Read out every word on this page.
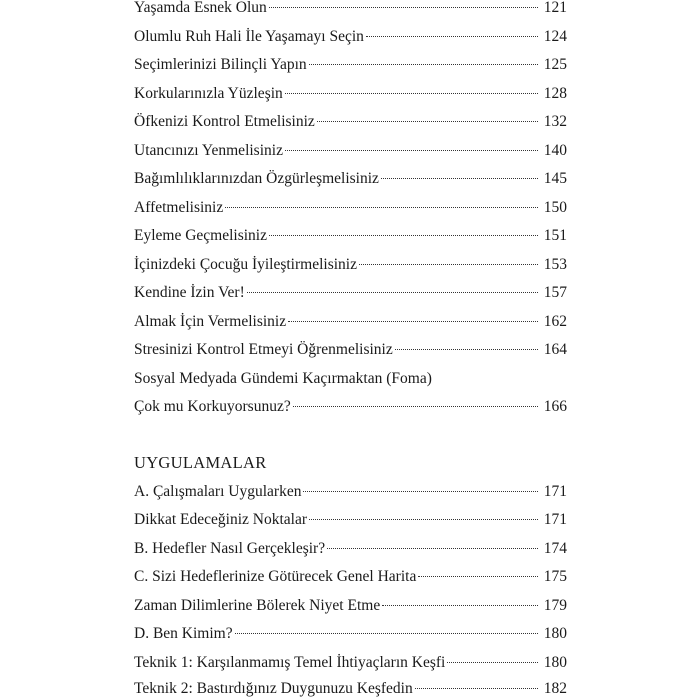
Yaşamda Esnek Olun	121
Olumlu Ruh Hali İle Yaşamayı Seçin	124
Seçimlerinizi Bilinçli Yapın	125
Korkularınızla Yüzleşin	128
Öfkenizi Kontrol Etmelisiniz	132
Utancınızı Yenmelisiniz	140
Bağımlılıklarınızdan Özgürleşmelisiniz	145
Affetmelisiniz	150
Eyleme Geçmelisiniz	151
İçinizdeki Çocuğu İyileştirmelisiniz	153
Kendine İzin Ver!	157
Almak İçin Vermelisiniz	162
Stresinizi Kontrol Etmeyi Öğrenmelisiniz	164
Sosyal Medyada Gündemi Kaçırmaktan (Foma)
Çok mu Korkuyorsunuz?	166
UYGULAMALAR
A. Çalışmaları Uygularken	171
Dikkat Edeceğiniz Noktalar	171
B. Hedefler Nasıl Gerçekleşir?	174
C. Sizi Hedeflerinize Götürecek Genel Harita	175
Zaman Dilimlerine Bölerek Niyet Etme	179
D. Ben Kimim?	180
Teknik 1: Karşılanmamış Temel İhtiyaçların Keşfi	180
Teknik 2: Bastırdığınız Duygunuzu Keşfedin	182
